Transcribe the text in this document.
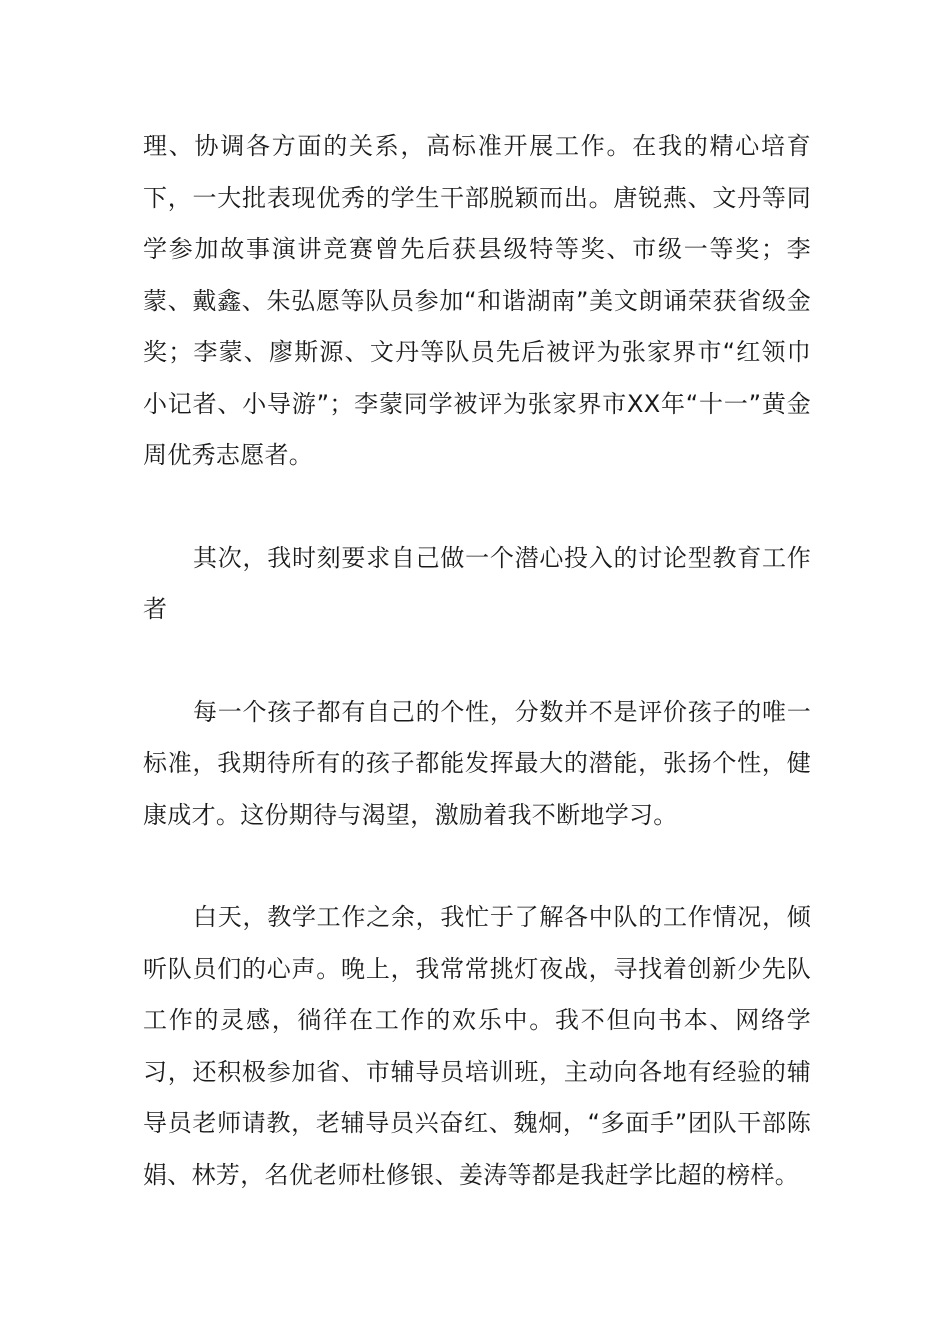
理、协调各方面的关系，高标准开展工作。在我的精心培育下，一大批表现优秀的学生干部脱颖而出。唐锐燕、文丹等同学参加故事演讲竞赛曾先后获县级特等奖、市级一等奖；李蒙、戴鑫、朱弘愿等队员参加“和谐湖南”美文朗诵荣获省级金奖；李蒙、廖斯源、文丹等队员先后被评为张家界市“红领巾小记者、小导游”；李蒙同学被评为张家界市XX年“十一”黄金周优秀志愿者。

其次，我时刻要求自己做一个潜心投入的讨论型教育工作者

每一个孩子都有自己的个性，分数并不是评价孩子的唯一标准，我期待所有的孩子都能发挥最大的潜能，张扬个性，健康成才。这份期待与渴望，激励着我不断地学习。

白天，教学工作之余，我忙于了解各中队的工作情况，倾听队员们的心声。晚上，我常常挑灯夜战，寻找着创新少先队工作的灵感，徜徉在工作的欢乐中。我不但向书本、网络学习，还积极参加省、市辅导员培训班，主动向各地有经验的辅导员老师请教，老辅导员兴奋红、魏炯，“多面手”团队干部陈娟、林芳，名优老师杜修银、姜涛等都是我赶学比超的榜样。
